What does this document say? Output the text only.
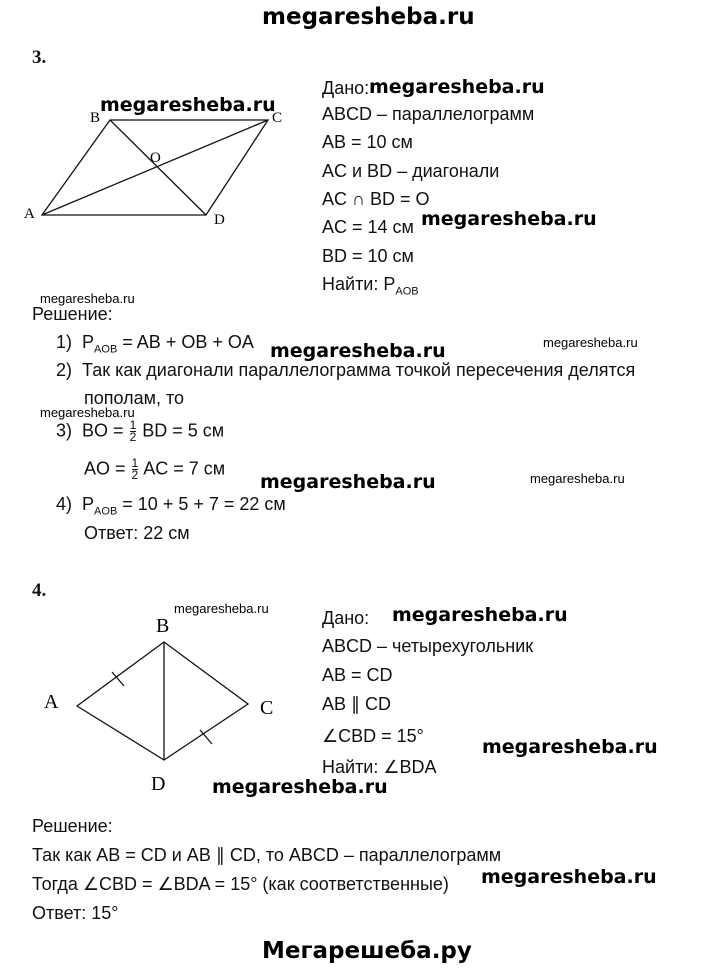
megaresheba.ru
3.
B	C
A	D
O
megaresheba.ru
Дано: megaresheba.ru
ABCD – параллелограмм
AB = 10 см
AC и BD – диагонали
AC ∩ BD = O
AC = 14 см megaresheba.ru
BD = 10 см
Найти: $P_{AOB}$
megaresheba.ru
Решение:
1) $P_{AOB}$ = AB + OB + OA megaresheba.ru	megaresheba.ru
2) Так как диагонали параллелограмма точкой пересечения делятся
пополам, то
megaresheba.ru
3) BO = $\frac{1}{2}$ BD = 5 см
AO = $\frac{1}{2}$ AC = 7 см
megaresheba.ru	megaresheba.ru
4) $P_{AOB} = 10 + 5 + 7 = 22$ см
Ответ: 22 см
4.
megaresheba.ru
B
A	C
D
Дано: megaresheba.ru
ABCD – четырехугольник
AB = CD
AB ∥ CD
∠CBD = 15°	megaresheba.ru
Найти: ∠BDA
megaresheba.ru
Решение:
Так как AB = CD и AB ∥ CD, то ABCD – параллелограмм
Тогда ∠CBD = ∠BDA = 15° (как соответственные) megaresheba.ru
Ответ: 15°
Мегарешеба.ру
